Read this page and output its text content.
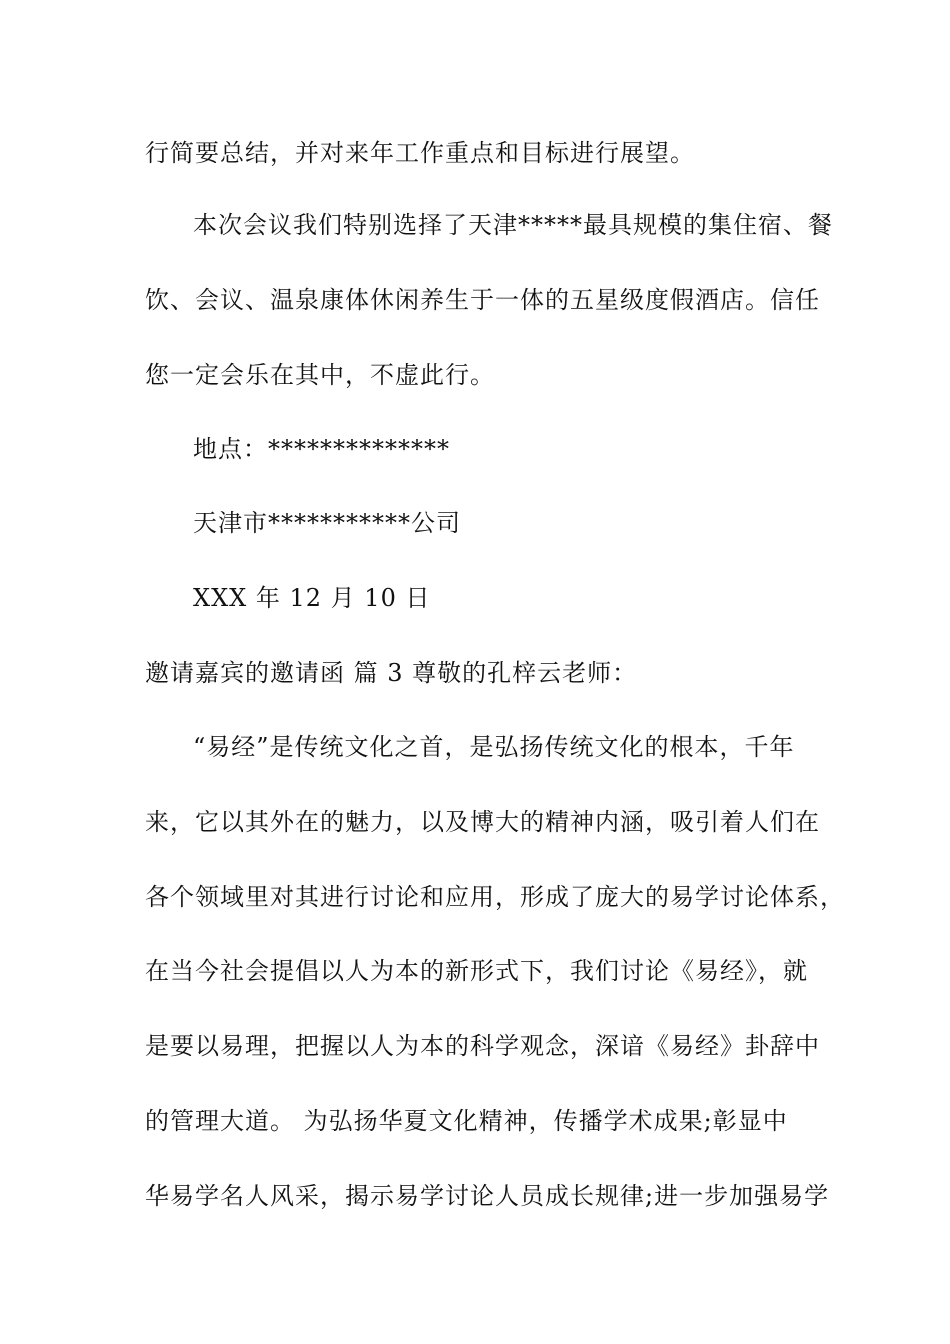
行简要总结，并对来年工作重点和目标进行展望。
本次会议我们特别选择了天津*****最具规模的集住宿、餐
饮、会议、温泉康体休闲养生于一体的五星级度假酒店。信任
您一定会乐在其中，不虚此行。
地点：**************
天津市***********公司
XXX 年 12 月 10 日
邀请嘉宾的邀请函 篇 3 尊敬的孔梓云老师：
“易经”是传统文化之首，是弘扬传统文化的根本，千年
来，它以其外在的魅力，以及博大的精神内涵，吸引着人们在
各个领域里对其进行讨论和应用，形成了庞大的易学讨论体系，
在当今社会提倡以人为本的新形式下，我们讨论《易经》，就
是要以易理，把握以人为本的科学观念，深谙《易经》卦辞中
的管理大道。 为弘扬华夏文化精神，传播学术成果;彰显中
华易学名人风采，揭示易学讨论人员成长规律;进一步加强易学
